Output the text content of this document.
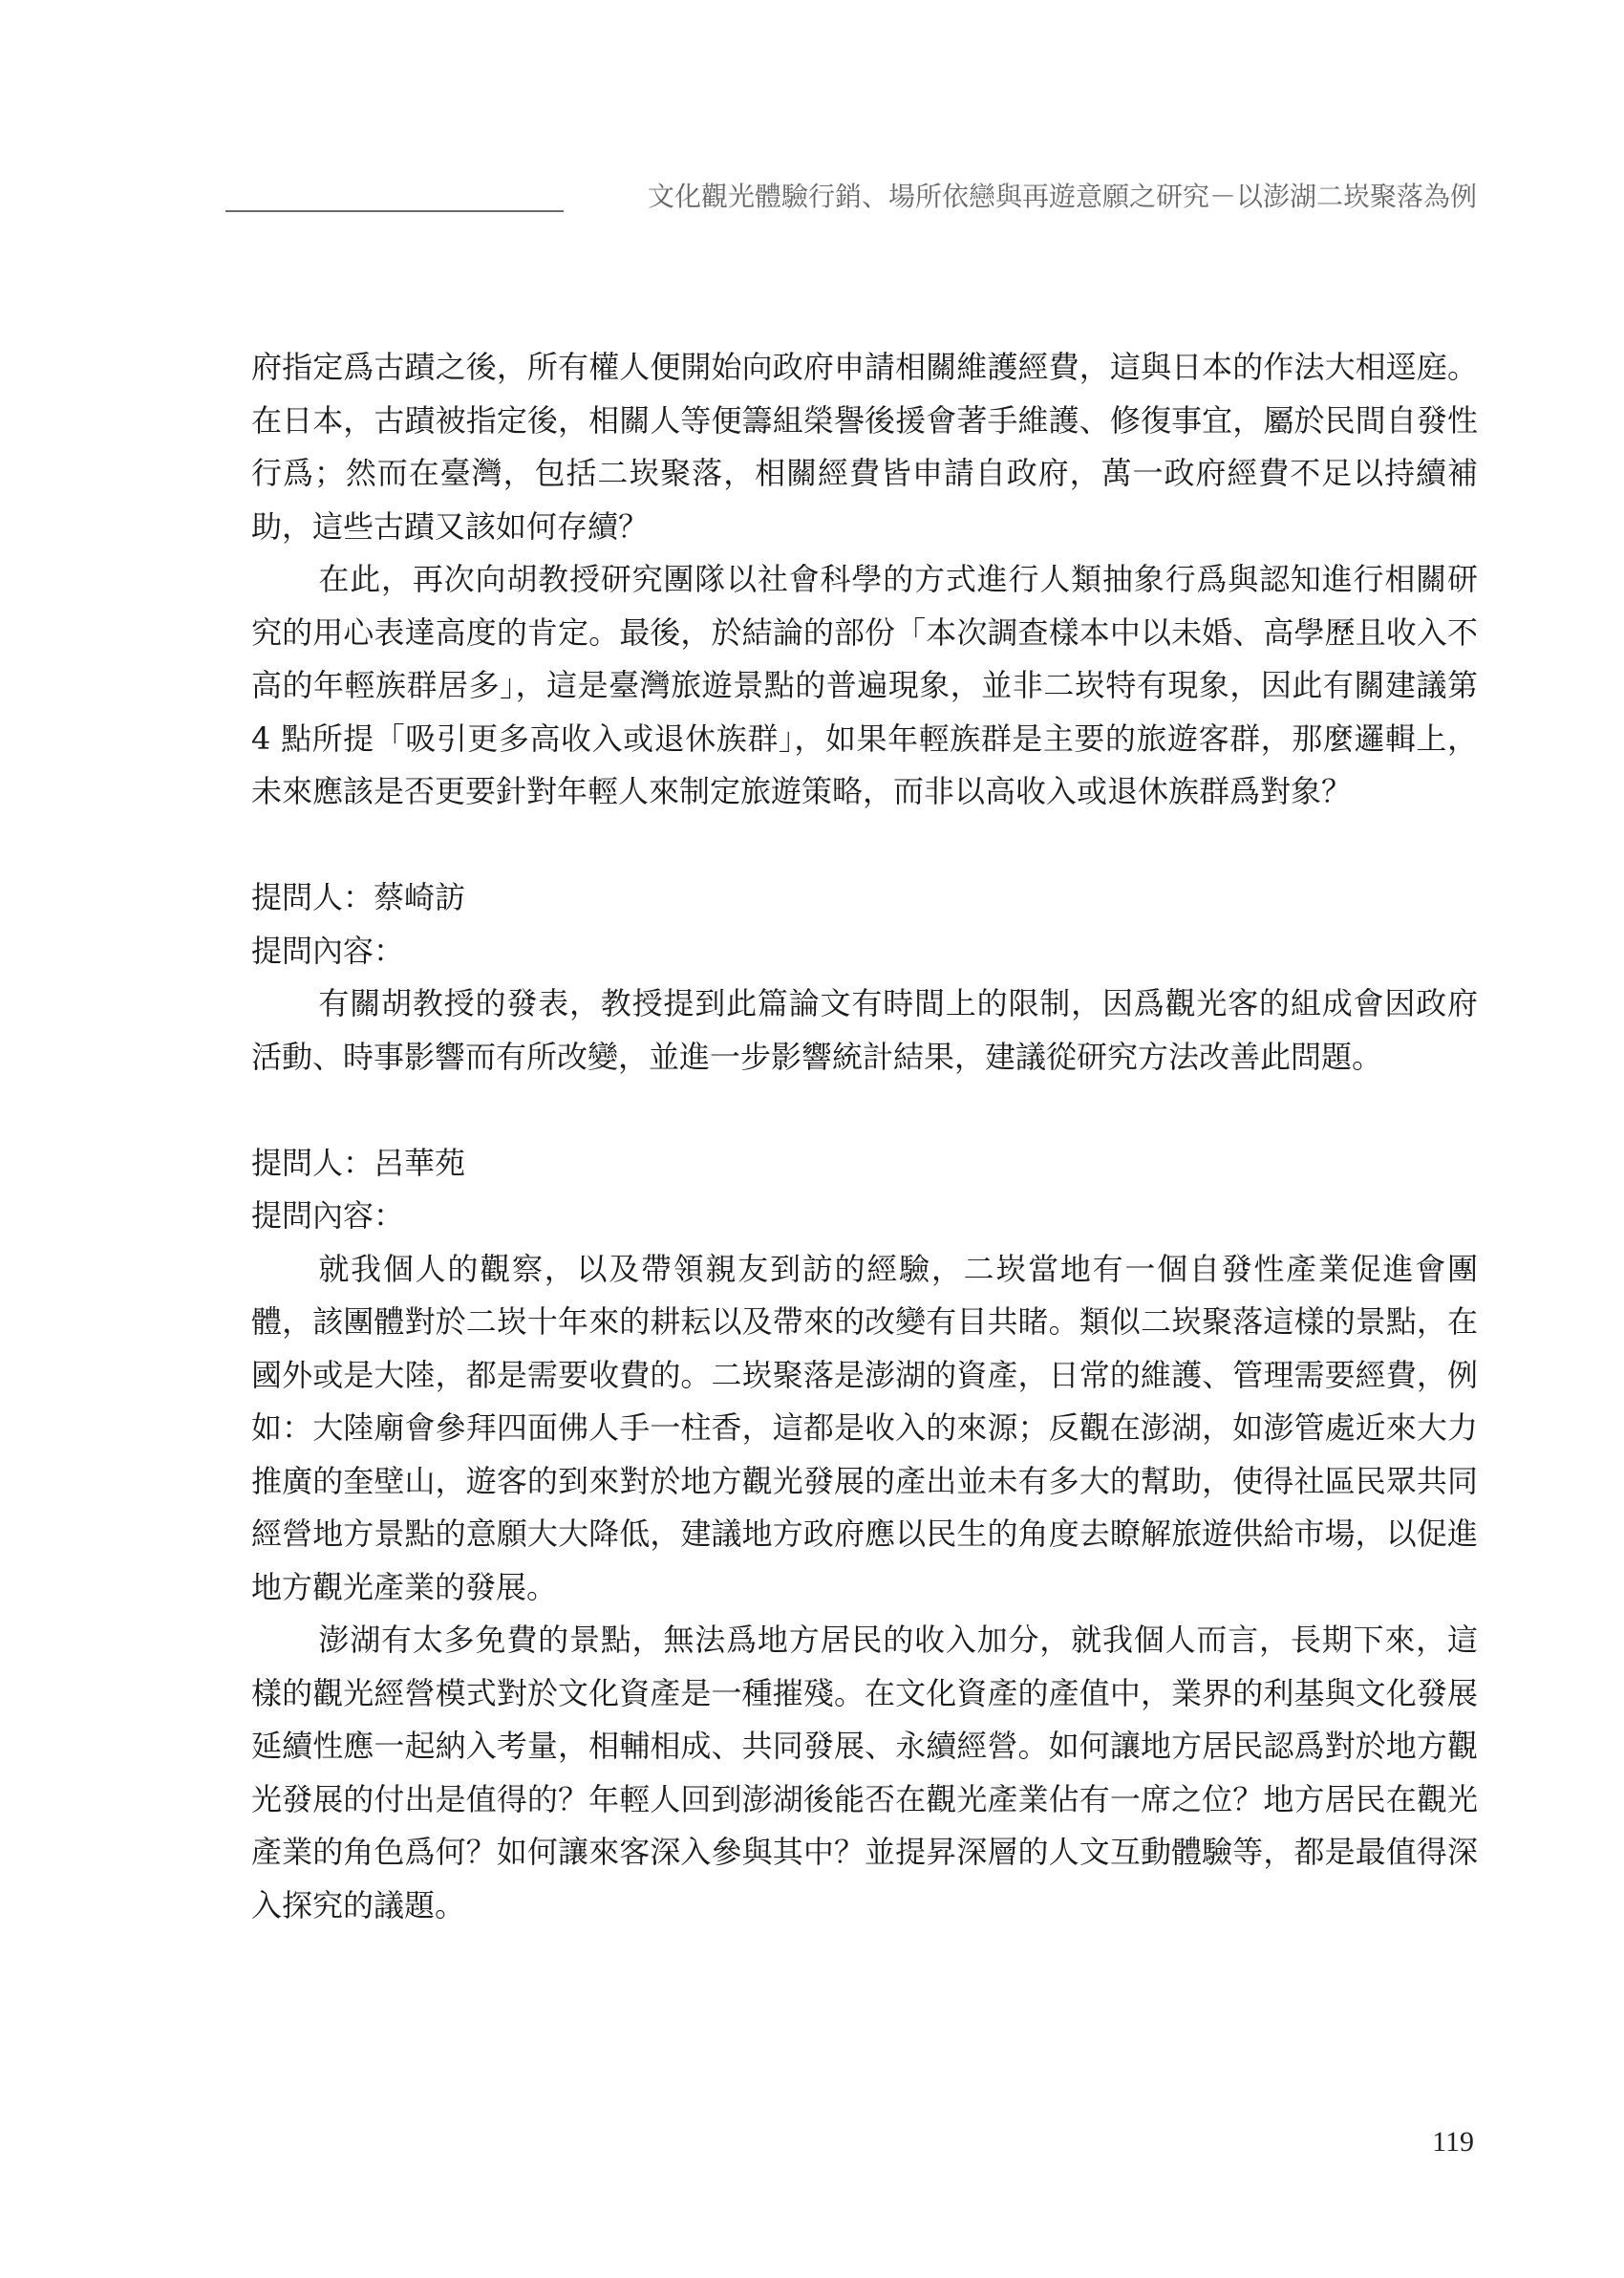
文化觀光體驗行銷、場所依戀與再遊意願之研究－以澎湖二崁聚落為例

府指定爲古蹟之後，所有權人便開始向政府申請相關維護經費，這與日本的作法大相逕庭。在日本，古蹟被指定後，相關人等便籌組榮譽後援會著手維護、修復事宜，屬於民間自發性行爲；然而在臺灣，包括二崁聚落，相關經費皆申請自政府，萬一政府經費不足以持續補助，這些古蹟又該如何存續？

在此，再次向胡教授研究團隊以社會科學的方式進行人類抽象行爲與認知進行相關研究的用心表達高度的肯定。最後，於結論的部份「本次調查樣本中以未婚、高學歷且收入不高的年輕族群居多」，這是臺灣旅遊景點的普遍現象，並非二崁特有現象，因此有關建議第 4 點所提「吸引更多高收入或退休族群」，如果年輕族群是主要的旅遊客群，那麼邏輯上，未來應該是否更要針對年輕人來制定旅遊策略，而非以高收入或退休族群爲對象？

提問人：蔡崎訪

提問內容：

有關胡教授的發表，教授提到此篇論文有時間上的限制，因爲觀光客的組成會因政府活動、時事影響而有所改變，並進一步影響統計結果，建議從研究方法改善此問題。

提問人：呂華苑

提問內容：

就我個人的觀察，以及帶領親友到訪的經驗，二崁當地有一個自發性產業促進會團體，該團體對於二崁十年來的耕耘以及帶來的改變有目共睹。類似二崁聚落這樣的景點，在國外或是大陸，都是需要收費的。二崁聚落是澎湖的資產，日常的維護、管理需要經費，例如：大陸廟會參拜四面佛人手一柱香，這都是收入的來源；反觀在澎湖，如澎管處近來大力推廣的奎壁山，遊客的到來對於地方觀光發展的產出並未有多大的幫助，使得社區民眾共同經營地方景點的意願大大降低，建議地方政府應以民生的角度去瞭解旅遊供給市場，以促進地方觀光產業的發展。

澎湖有太多免費的景點，無法爲地方居民的收入加分，就我個人而言，長期下來，這樣的觀光經營模式對於文化資產是一種摧殘。在文化資產的產值中，業界的利基與文化發展延續性應一起納入考量，相輔相成、共同發展、永續經營。如何讓地方居民認爲對於地方觀光發展的付出是值得的？年輕人回到澎湖後能否在觀光產業佔有一席之位？地方居民在觀光產業的角色爲何？如何讓來客深入參與其中？並提昇深層的人文互動體驗等，都是最值得深入探究的議題。

119
